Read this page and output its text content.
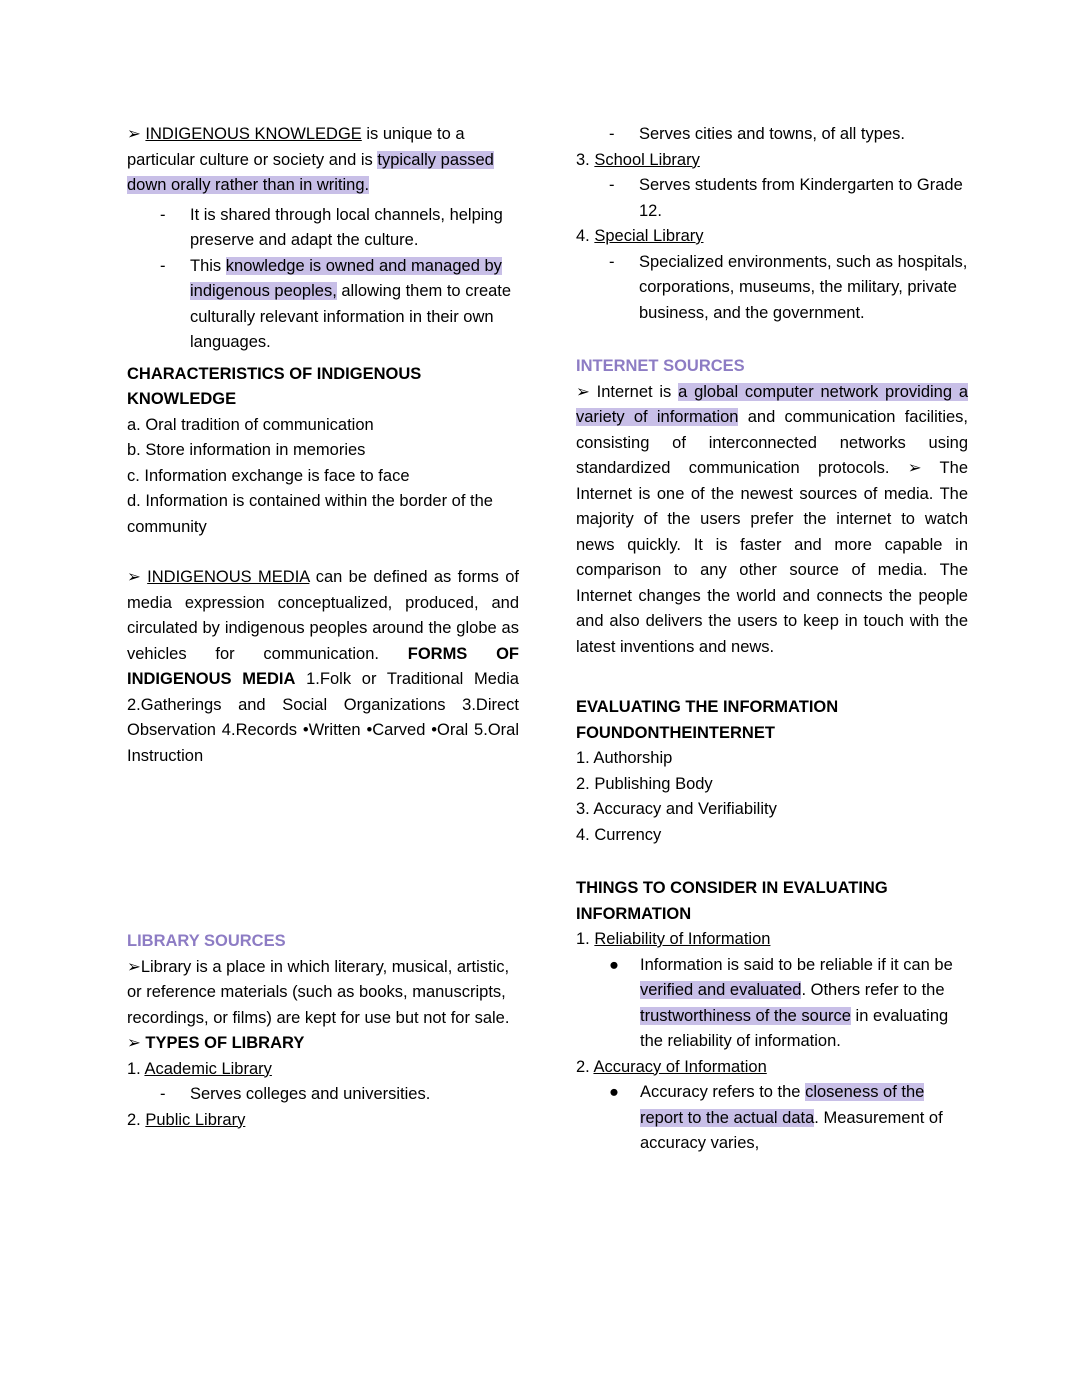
➢ INDIGENOUS KNOWLEDGE is unique to a particular culture or society and is typically passed down orally rather than in writing.

-	It is shared through local channels, helping preserve and adapt the culture.
-	This knowledge is owned and managed by indigenous peoples, allowing them to create culturally relevant information in their own languages.

CHARACTERISTICS OF INDIGENOUS KNOWLEDGE

a. Oral tradition of communication

b. Store information in memories

c. Information exchange is face to face

d. Information is contained within the border of the community

➢ INDIGENOUS MEDIA can be defined as forms of media expression conceptualized, produced, and circulated by indigenous peoples around the globe as vehicles for communication. FORMS OF INDIGENOUS MEDIA 1.Folk or Traditional Media 2.Gatherings and Social Organizations 3.Direct Observation 4.Records •Written •Carved •Oral 5.Oral Instruction

LIBRARY SOURCES

➢Library is a place in which literary, musical, artistic, or reference materials (such as books, manuscripts, recordings, or films) are kept for use but not for sale.

➢ TYPES OF LIBRARY

1. Academic Library

-	Serves colleges and universities.

2. Public Library

-	Serves cities and towns, of all types.

3. School Library

-	Serves students from Kindergarten to Grade 12.

4. Special Library

-	Specialized environments, such as hospitals, corporations, museums, the military, private business, and the government.

INTERNET SOURCES

➢ Internet is a global computer network providing a variety of information and communication facilities, consisting of interconnected networks using standardized communication protocols. ➢ The Internet is one of the newest sources of media. The majority of the users prefer the internet to watch news quickly. It is faster and more capable in comparison to any other source of media. The Internet changes the world and connects the people and also delivers the users to keep in touch with the latest inventions and news.

EVALUATING THE INFORMATION

FOUNDONTHEINTERNET

1. Authorship

2. Publishing Body

3. Accuracy and Verifiability

4. Currency

THINGS TO CONSIDER IN EVALUATING

INFORMATION

1. Reliability of Information

●	Information is said to be reliable if it can be verified and evaluated. Others refer to the trustworthiness of the source in evaluating the reliability of information.

2. Accuracy of Information

●	Accuracy refers to the closeness of the report to the actual data. Measurement of accuracy varies,
